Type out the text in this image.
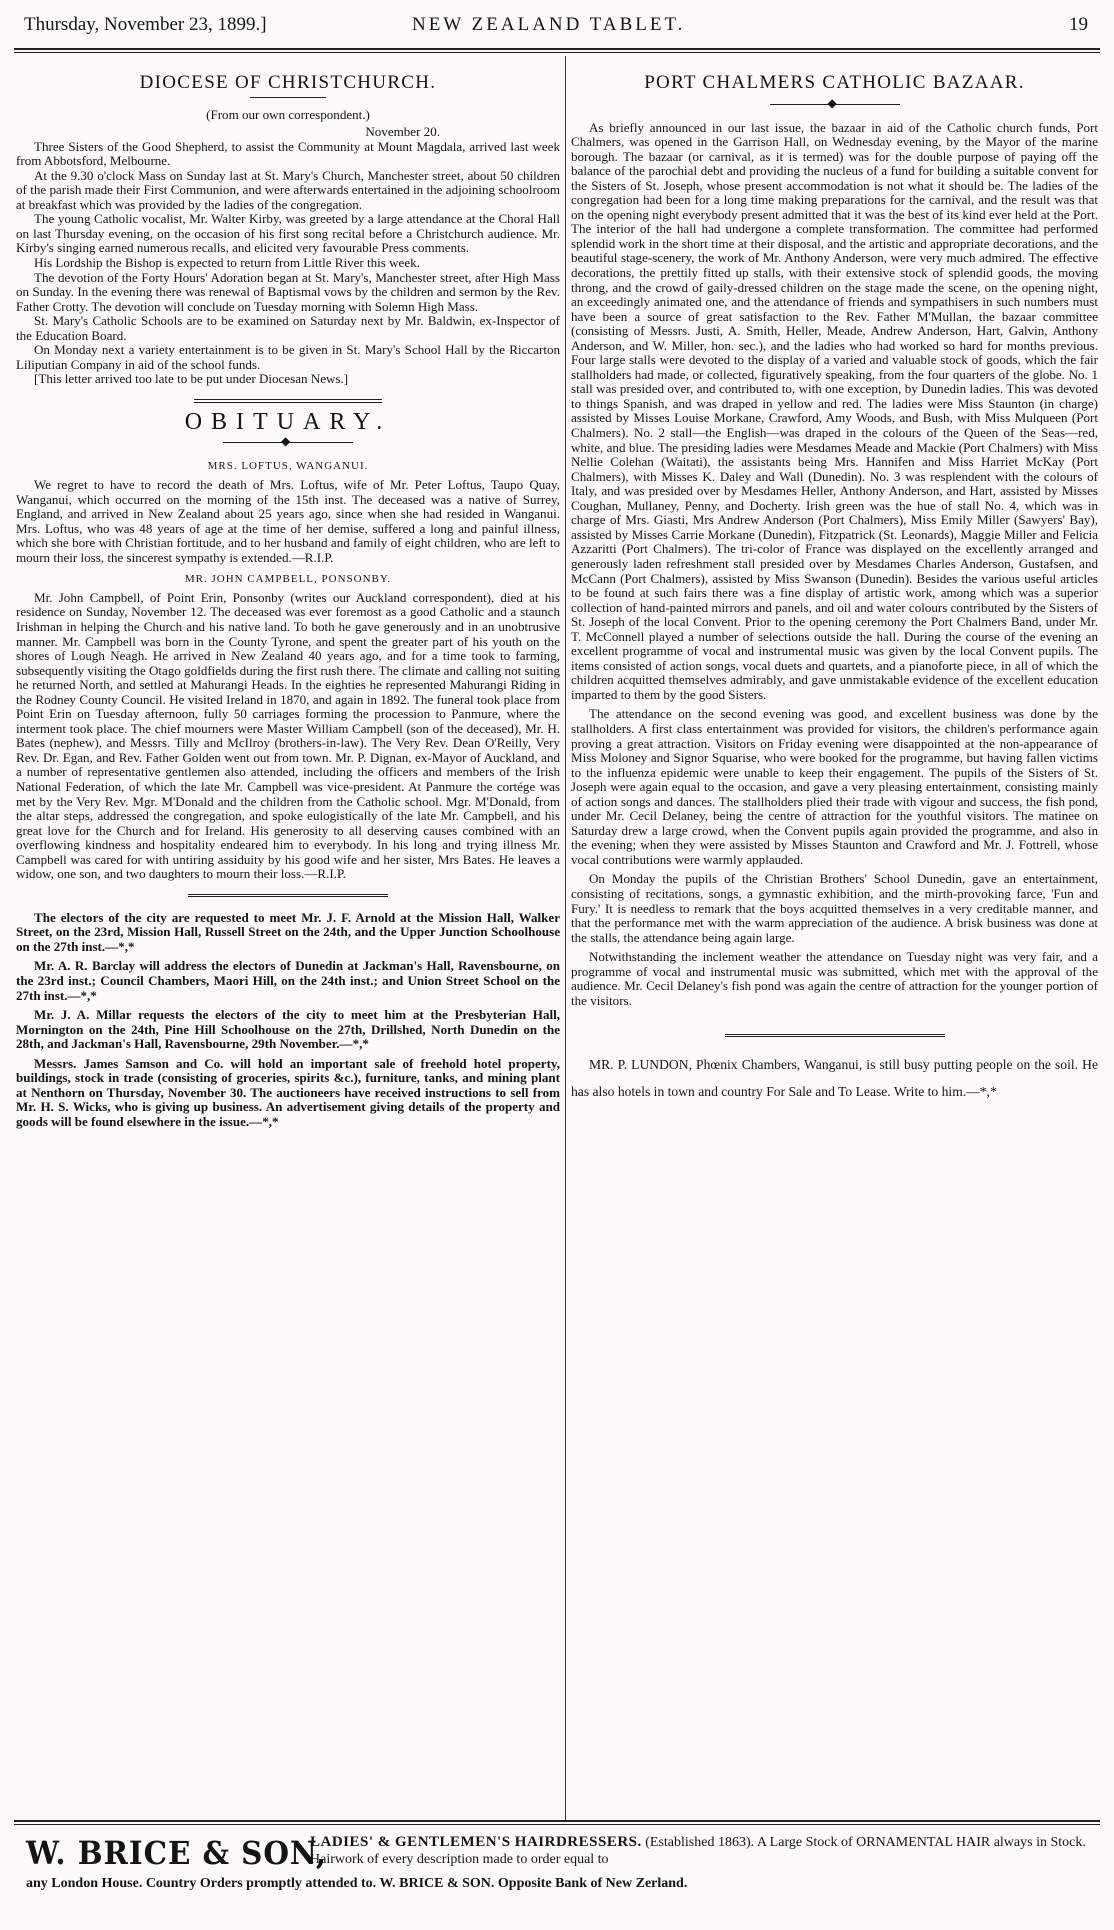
Thursday, November 23, 1899.]	NEW ZEALAND TABLET.	19
DIOCESE OF CHRISTCHURCH.
(From our own correspondent.)
November 20.

Three Sisters of the Good Shepherd, to assist the Community at Mount Magdala, arrived last week from Abbotsford, Melbourne.

At the 9.30 o'clock Mass on Sunday last at St. Mary's Church, Manchester street, about 50 children of the parish made their First Communion, and were afterwards entertained in the adjoining schoolroom at breakfast which was provided by the ladies of the congregation.

The young Catholic vocalist, Mr. Walter Kirby, was greeted by a large attendance at the Choral Hall on last Thursday evening, on the occasion of his first song recital before a Christchurch audience. Mr. Kirby's singing earned numerous recalls, and elicited very favourable Press comments.

His Lordship the Bishop is expected to return from Little River this week.

The devotion of the Forty Hours' Adoration began at St. Mary's, Manchester street, after High Mass on Sunday. In the evening there was renewal of Baptismal vows by the children and sermon by the Rev. Father Crotty. The devotion will conclude on Tuesday morning with Solemn High Mass.

St. Mary's Catholic Schools are to be examined on Saturday next by Mr. Baldwin, ex-Inspector of the Education Board.

On Monday next a variety entertainment is to be given in St. Mary's School Hall by the Riccarton Liliputian Company in aid of the school funds.

[This letter arrived too late to be put under Diocesan News.]

OBITUARY.
◆
MRS. LOFTUS, WANGANUI.

We regret to have to record the death of Mrs. Loftus, wife of Mr. Peter Loftus, Taupo Quay, Wanganui, which occurred on the morning of the 15th inst. The deceased was a native of Surrey, England, and arrived in New Zealand about 25 years ago, since when she had resided in Wanganui. Mrs. Loftus, who was 48 years of age at the time of her demise, suffered a long and painful illness, which she bore with Christian fortitude, and to her husband and family of eight children, who are left to mourn their loss, the sincerest sympathy is extended.—R.I.P.

MR. JOHN CAMPBELL, PONSONBY.

Mr. John Campbell, of Point Erin, Ponsonby (writes our Auckland correspondent), died at his residence on Sunday, November 12. The deceased was ever foremost as a good Catholic and a staunch Irishman in helping the Church and his native land. To both he gave generously and in an unobtrusive manner. Mr. Campbell was born in the County Tyrone, and spent the greater part of his youth on the shores of Lough Neagh. He arrived in New Zealand 40 years ago, and for a time took to farming, subsequently visiting the Otago goldfields during the first rush there. The climate and calling not suiting he returned North, and settled at Mahurangi Heads. In the eighties he represented Mahurangi Riding in the Rodney County Council. He visited Ireland in 1870, and again in 1892. The funeral took place from Point Erin on Tuesday afternoon, fully 50 carriages forming the procession to Panmure, where the interment took place. The chief mourners were Master William Campbell (son of the deceased), Mr. H. Bates (nephew), and Messrs. Tilly and McIlroy (brothers-in-law). The Very Rev. Dean O'Reilly, Very Rev. Dr. Egan, and Rev. Father Golden went out from town. Mr. P. Dignan, ex-Mayor of Auckland, and a number of representative gentlemen also attended, including the officers and members of the Irish National Federation, of which the late Mr. Campbell was vice-president. At Panmure the cortége was met by the Very Rev. Mgr. M'Donald and the children from the Catholic school. Mgr. M'Donald, from the altar steps, addressed the congregation, and spoke eulogistically of the late Mr. Campbell, and his great love for the Church and for Ireland. His generosity to all deserving causes combined with an overflowing kindness and hospitality endeared him to everybody. In his long and trying illness Mr. Campbell was cared for with untiring assiduity by his good wife and her sister, Mrs Bates. He leaves a widow, one son, and two daughters to mourn their loss.—R.I.P.

The electors of the city are requested to meet Mr. J. F. Arnold at the Mission Hall, Walker Street, on the 23rd, Mission Hall, Russell Street on the 24th, and the Upper Junction Schoolhouse on the 27th inst.—*,*

Mr. A. R. Barclay will address the electors of Dunedin at Jackman's Hall, Ravensbourne, on the 23rd inst.; Council Chambers, Maori Hill, on the 24th inst.; and Union Street School on the 27th inst.—*,*

Mr. J. A. Millar requests the electors of the city to meet him at the Presbyterian Hall, Mornington on the 24th, Pine Hill Schoolhouse on the 27th, Drillshed, North Dunedin on the 28th, and Jackman's Hall, Ravensbourne, 29th November.—*,*

Messrs. James Samson and Co. will hold an important sale of freehold hotel property, buildings, stock in trade (consisting of groceries, spirits &c.), furniture, tanks, and mining plant at Nenthorn on Thursday, November 30. The auctioneers have received instructions to sell from Mr. H. S. Wicks, who is giving up business. An advertisement giving details of the property and goods will be found elsewhere in the issue.—*,*

PORT CHALMERS CATHOLIC BAZAAR.
◆

As briefly announced in our last issue, the bazaar in aid of the Catholic church funds, Port Chalmers, was opened in the Garrison Hall, on Wednesday evening, by the Mayor of the marine borough. The bazaar (or carnival, as it is termed) was for the double purpose of paying off the balance of the parochial debt and providing the nucleus of a fund for building a suitable convent for the Sisters of St. Joseph, whose present accommodation is not what it should be. The ladies of the congregation had been for a long time making preparations for the carnival, and the result was that on the opening night everybody present admitted that it was the best of its kind ever held at the Port. The interior of the hall had undergone a complete transformation. The committee had performed splendid work in the short time at their disposal, and the artistic and appropriate decorations, and the beautiful stage-scenery, the work of Mr. Anthony Anderson, were very much admired. The effective decorations, the prettily fitted up stalls, with their extensive stock of splendid goods, the moving throng, and the crowd of gaily-dressed children on the stage made the scene, on the opening night, an exceedingly animated one, and the attendance of friends and sympathisers in such numbers must have been a source of great satisfaction to the Rev. Father M'Mullan, the bazaar committee (consisting of Messrs. Justi, A. Smith, Heller, Meade, Andrew Anderson, Hart, Galvin, Anthony Anderson, and W. Miller, hon. sec.), and the ladies who had worked so hard for months previous. Four large stalls were devoted to the display of a varied and valuable stock of goods, which the fair stallholders had made, or collected, figuratively speaking, from the four quarters of the globe. No. 1 stall was presided over, and contributed to, with one exception, by Dunedin ladies. This was devoted to things Spanish, and was draped in yellow and red. The ladies were Miss Staunton (in charge) assisted by Misses Louise Morkane, Crawford, Amy Woods, and Bush, with Miss Mulqueen (Port Chalmers). No. 2 stall—the English—was draped in the colours of the Queen of the Seas—red, white, and blue. The presiding ladies were Mesdames Meade and Mackie (Port Chalmers) with Miss Nellie Colehan (Waitati), the assistants being Mrs. Hannifen and Miss Harriet McKay (Port Chalmers), with Misses K. Daley and Wall (Dunedin). No. 3 was resplendent with the colours of Italy, and was presided over by Mesdames Heller, Anthony Anderson, and Hart, assisted by Misses Coughan, Mullaney, Penny, and Docherty. Irish green was the hue of stall No. 4, which was in charge of Mrs. Giasti, Mrs Andrew Anderson (Port Chalmers), Miss Emily Miller (Sawyers' Bay), assisted by Misses Carrie Morkane (Dunedin), Fitzpatrick (St. Leonards), Maggie Miller and Felicia Azzaritti (Port Chalmers). The tri-color of France was displayed on the excellently arranged and generously laden refreshment stall presided over by Mesdames Charles Anderson, Gustafsen, and McCann (Port Chalmers), assisted by Miss Swanson (Dunedin). Besides the various useful articles to be found at such fairs there was a fine display of artistic work, among which was a superior collection of hand-painted mirrors and panels, and oil and water colours contributed by the Sisters of St. Joseph of the local Convent. Prior to the opening ceremony the Port Chalmers Band, under Mr. T. McConnell played a number of selections outside the hall. During the course of the evening an excellent programme of vocal and instrumental music was given by the local Convent pupils. The items consisted of action songs, vocal duets and quartets, and a pianoforte piece, in all of which the children acquitted themselves admirably, and gave unmistakable evidence of the excellent education imparted to them by the good Sisters.

The attendance on the second evening was good, and excellent business was done by the stallholders. A first class entertainment was provided for visitors, the children's performance again proving a great attraction. Visitors on Friday evening were disappointed at the non-appearance of Miss Moloney and Signor Squarise, who were booked for the programme, but having fallen victims to the influenza epidemic were unable to keep their engagement. The pupils of the Sisters of St. Joseph were again equal to the occasion, and gave a very pleasing entertainment, consisting mainly of action songs and dances. The stallholders plied their trade with vigour and success, the fish pond, under Mr. Cecil Delaney, being the centre of attraction for the youthful visitors. The matinee on Saturday drew a large crowd, when the Convent pupils again provided the programme, and also in the evening; when they were assisted by Misses Staunton and Crawford and Mr. J. Fottrell, whose vocal contributions were warmly applauded.

On Monday the pupils of the Christian Brothers' School Dunedin, gave an entertainment, consisting of recitations, songs, a gymnastic exhibition, and the mirth-provoking farce, 'Fun and Fury.' It is needless to remark that the boys acquitted themselves in a very creditable manner, and that the performance met with the warm appreciation of the audience. A brisk business was done at the stalls, the attendance being again large.

Notwithstanding the inclement weather the attendance on Tuesday night was very fair, and a programme of vocal and instrumental music was submitted, which met with the approval of the audience. Mr. Cecil Delaney's fish pond was again the centre of attraction for the younger portion of the visitors.

MR. P. LUNDON, Phœnix Chambers, Wanganui, is still busy putting people on the soil. He has also hotels in town and country For Sale and To Lease. Write to him.—*,*

W. BRICE & SON,
LADIES' & GENTLEMEN'S HAIRDRESSERS. (Established 1863). A Large Stock of ORNAMENTAL HAIR always in Stock. Hairwork of every description made to order equal to
any London House. Country Orders promptly attended to. W. BRICE & SON. Opposite Bank of New Zerland.
